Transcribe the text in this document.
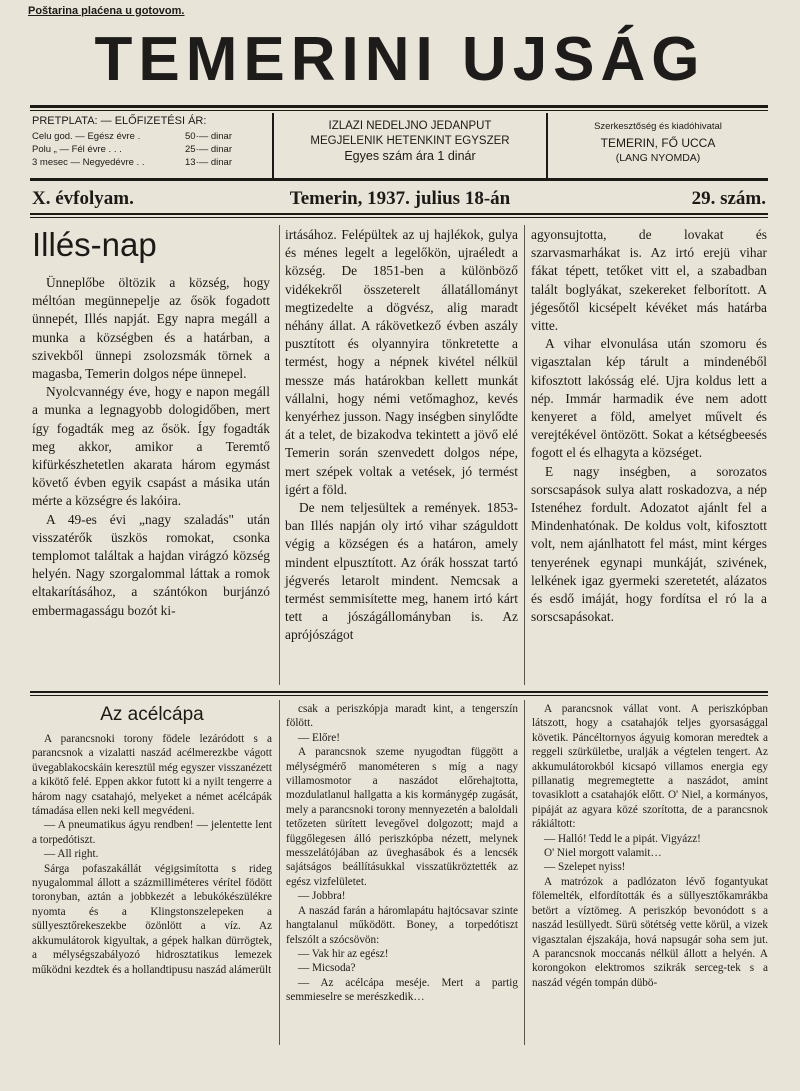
Poštarina plaćena u gotovom.
TEMERINI UJSÁG
PRETPLATA: — ELŐFIZETÉSI ÁR:
Celu god. — Egész évre .	50·— dinar
Polu „ — Fél évre . . .	25·— dinar
3 mesec — Negyedévre . .	13·— dinar
IZLAZI NEDELJNO JEDANPUT
MEGJELENIK HETENKINT EGYSZER
Egyes szám ára 1 dinár
Szerkesztőség és kiadóhivatal
TEMERIN, FŐ UCCA
(LANG NYOMDA)
X. évfolyam.	Temerin, 1937. julius 18-án	29. szám.
Illés-nap

Ünneplőbe öltözik a község, hogy méltóan megünnepelje az ősök fogadott ünnepét, Illés napját. Egy napra megáll a munka a községben és a határban, a szivekből ünnepi zsolozsmák törnek a magasba, Temerin dolgos népe ünnepel.

Nyolcvannégy éve, hogy e napon megáll a munka a legnagyobb dologidőben, mert így fogadták meg az ősök. Így fogadták meg akkor, amikor a Teremtő kifürkészhetetlen akarata három egymást követő évben egyik csapást a másika után mérte a községre és lakóira.

A 49-es évi „nagy szaladás" után visszatérők üszkös romokat, csonka templomot találtak a hajdan virágzó község helyén. Nagy szorgalommal láttak a romok eltakarításához, a szántókon burjánzó embermagasságu bozót ki-

irtásához. Felépültek az uj hajlékok, gulya és ménes legelt a legelőkön, ujraéledt a község. De 1851-ben a különböző vidékekről összeterelt állatállományt megtizedelte a dögvész, alig maradt néhány állat. A rákövetkező évben aszály pusztított és olyannyira tönkretette a termést, hogy a népnek kivétel nélkül messze más határokban kellett munkát vállalni, hogy némi vetőmaghoz, kevés kenyérhez jusson. Nagy inségben sinylődte át a telet, de bizakodva tekintett a jövő elé Temerin során szenvedett dolgos népe, mert szépek voltak a vetések, jó termést igért a föld.

De nem teljesültek a remények. 1853-ban Illés napján oly irtó vihar száguldott végig a községen és a határon, amely mindent elpusztított. Az órák hosszat tartó jégverés letarolt mindent. Nemcsak a termést semmisítette meg, hanem irtó kárt tett a jószágállományban is. Az aprójószágot

agyonsujtotta, de lovakat és szarvasmarhákat is. Az irtó erejü vihar fákat tépett, tetőket vitt el, a szabadban talált boglyákat, szekereket felborított. A jégesőtől kicsépelt kévéket más határba vitte.

A vihar elvonulása után szomoru és vigasztalan kép tárult a mindenéből kifosztott lakósság elé. Ujra koldus lett a nép. Immár harmadik éve nem adott kenyeret a föld, amelyet művelt és verejtékével öntözött. Sokat a kétségbeesés fogott el és elhagyta a községet.

E nagy inségben, a sorozatos sorscsapások sulya alatt roskadozva, a nép Istenéhez fordult. Adozatot ajánlt fel a Mindenhatónak. De koldus volt, kifosztott volt, nem ajánlhatott fel mást, mint kérges tenyerének egynapi munkáját, szivének, lelkének igaz gyermeki szeretetét, alázatos és esdő imáját, hogy fordítsa el ró la a sorscsapásokat.

Az acélcápa

A parancsnoki torony födele lezáródott s a parancsnok a vizalatti naszád acélmerezkbe vágott üvegablakocskáin keresztül még egyszer visszanézett a kikötő felé. Eppen akkor futott ki a nyilt tengerre a három nagy csatahajó, melyeket a német acélcápák támadása ellen neki kell megvédeni.

— A pneumatikus ágyu rendben! — jelentette lent a torpedótiszt.

— All right.

Sárga pofaszakállát végigsimította s rideg nyugalommal állott a százmilliméteres vérítel födött toronyban, aztán a jobbkezét a lebukókészülékre nyomta és a Klingstonszelepeken a süllyesztőrekeszekbe özönlött a víz. Az akkumulátorok kigyultak, a gépek halkan dürrögtek, a mélységszabályozó hidrosztatikus lemezek működni kezdtek és a hollandtipusu naszád alámerült

csak a periszkópja maradt kint, a tengerszín fölött.

— Előre!

A parancsnok szeme nyugodtan függött a mélységmérő manométeren s míg a nagy villamosmotor a naszádot előrehajtotta, mozdulatlanul hallgatta a kis kormánygép zugását, mely a parancsnoki torony mennyezetén a baloldali tetőzeten sürített levegővel dolgozott; majd a függőlegesen álló periszkópba nézett, melynek messzelátójában az üveghasábok és a lencsék sajátságos beállításukkal visszatükröztették az egész vizfelületet.

— Jobbra!

A naszád farán a háromlapátu hajtócsavar szinte hangtalanul működött. Boney, a torpedótiszt felszólt a szócsövön:

— Vak hir az egész!

— Micsoda?

— Az acélcápa meséje. Mert a partig semmieselre se merészkedik…

A parancsnok vállat vont. A periszkópban látszott, hogy a csatahajók teljes gyorsasággal követik. Páncéltornyos ágyuig komoran meredtek a reggeli szürkületbe, uralják a végtelen tengert. Az akkumulátorokból kicsapó villamos energia egy pillanatig megremegtette a naszádot, amint tovasiklott a csatahajók előtt. O' Niel, a kormányos, pipáját az agyara közé szorította, de a parancsnok rákiáltott:

— Halló! Tedd le a pipát. Vigyázz!

O' Niel morgott valamit…

— Szelepet nyiss!

A matrózok a padlózaton lévő fogantyukat fölemelték, elfordították és a süllyesztőkamrákba betört a víztömeg. A periszkóp bevonódott s a naszád lesüllyedt. Sürü sötétség vette körül, a vizek vigasztalan éjszakája, hová napsugár soha sem jut. A parancsnok moccanás nélkül állott a helyén. A korongokon elektromos szikrák serceg-tek s a naszád végén tompán dübö-
